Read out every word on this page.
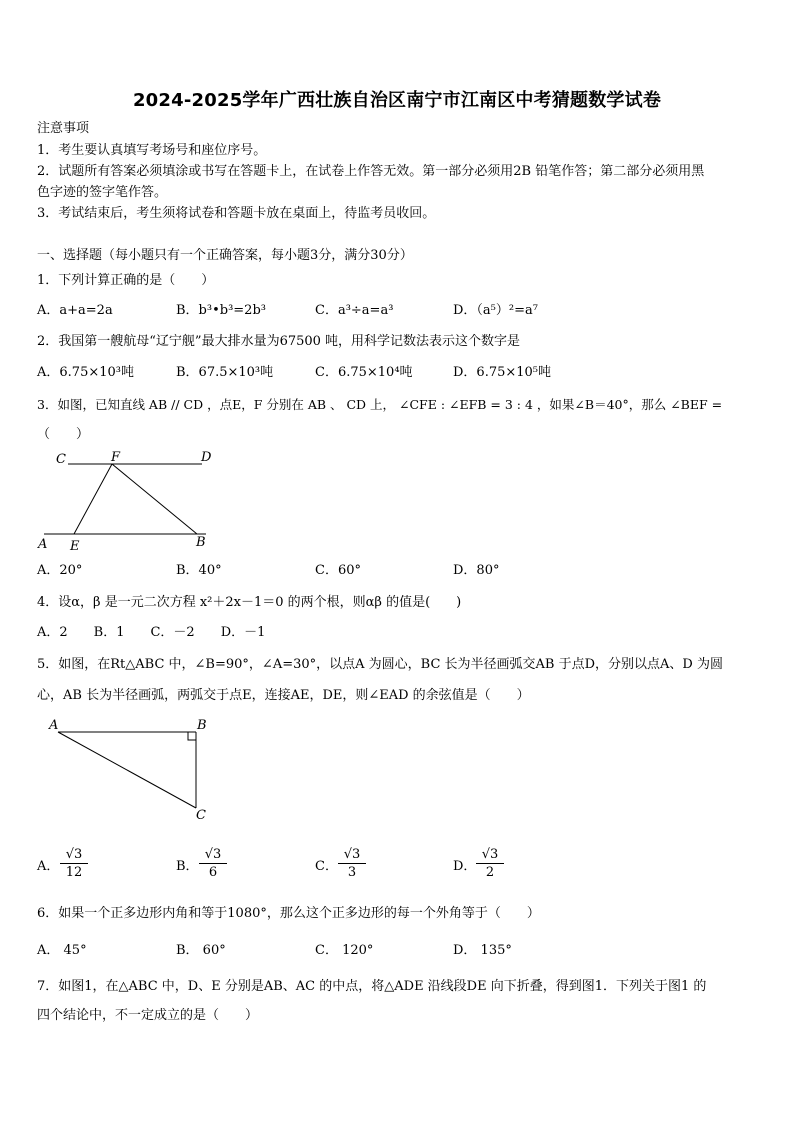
2024-2025学年广西壮族自治区南宁市江南区中考猜题数学试卷
注意事项
1．考生要认真填写考场号和座位序号。
2．试题所有答案必须填涂或书写在答题卡上，在试卷上作答无效。第一部分必须用2B 铅笔作答；第二部分必须用黑
色字迹的签字笔作答。
3．考试结束后，考生须将试卷和答题卡放在桌面上，待监考员收回。
一、选择题（每小题只有一个正确答案，每小题3分，满分30分）
1．下列计算正确的是（　　）
A．a+a=2a	B．b³•b³=2b³	C．a³÷a=a³	D．（a⁵）²=a⁷
2．我国第一艘航母“辽宁舰”最大排水量为67500 吨，用科学记数法表示这个数字是
A．6.75×10³吨	B．67.5×10³吨	C．6.75×10⁴吨	D．6.75×10⁵吨
3．如图，已知直线 AB // CD ，点E，F 分别在 AB 、 CD 上， ∠CFE : ∠EFB = 3 : 4 ，如果∠B＝40°，那么 ∠BEF =
（　　）
C	F	D
A E	B
A．20°	B．40°	C．60°	D．80°
4．设α，β 是一元二次方程 x²＋2x－1＝0 的两个根，则αβ 的值是(　　)
A．2　　B．1　　C．－2　　D．－1
5．如图，在Rt△ABC 中，∠B=90°，∠A=30°，以点A 为圆心，BC 长为半径画弧交AB 于点D，分别以点A、D 为圆
心，AB 长为半径画弧，两弧交于点E，连接AE，DE，则∠EAD 的余弦值是（　　）
A	B
C
A． $\frac{√3}{12}$	B． $\frac{√3}{6}$	C． $\frac{√3}{3}$	D． $\frac{√3}{2}$
6．如果一个正多边形内角和等于1080°，那么这个正多边形的每一个外角等于（　　）
A． 45°	B． 60°	C． 120°	D． 135°
7．如图1，在△ABC 中，D、E 分别是AB、AC 的中点，将△ADE 沿线段DE 向下折叠，得到图1．下列关于图1 的
四个结论中，不一定成立的是（　　）
